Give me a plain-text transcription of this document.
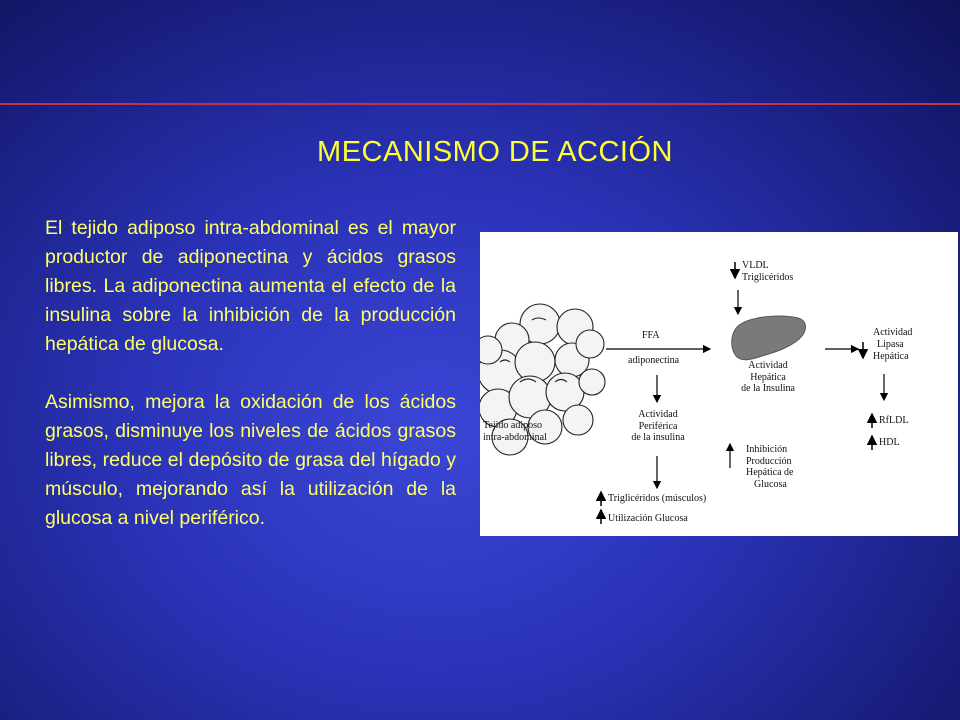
MECANISMO DE ACCIÓN

El tejido adiposo intra-abdominal es el mayor productor de adiponectina y ácidos grasos libres. La adiponectina aumenta el efecto de la insulina sobre la inhibición de la producción hepática de glucosa.

Asimismo, mejora la oxidación de los ácidos grasos, disminuye los niveles de ácidos grasos libres, reduce el depósito de grasa del hígado y músculo, mejorando así la utilización de la glucosa a nivel periférico.

VLDL
Triglicéridos
FFA
adiponectina
Tejido adiposo
intra-abdominal
Actividad
Hepática
de la Insulina
Actividad
Periférica
de la insulina
Actividad
Lipasa
Hepática
RfLDL
HDL
Inhibición
Producción
Hepática de
Glucosa
Triglicéridos (músculos)
Utilización Glucosa
